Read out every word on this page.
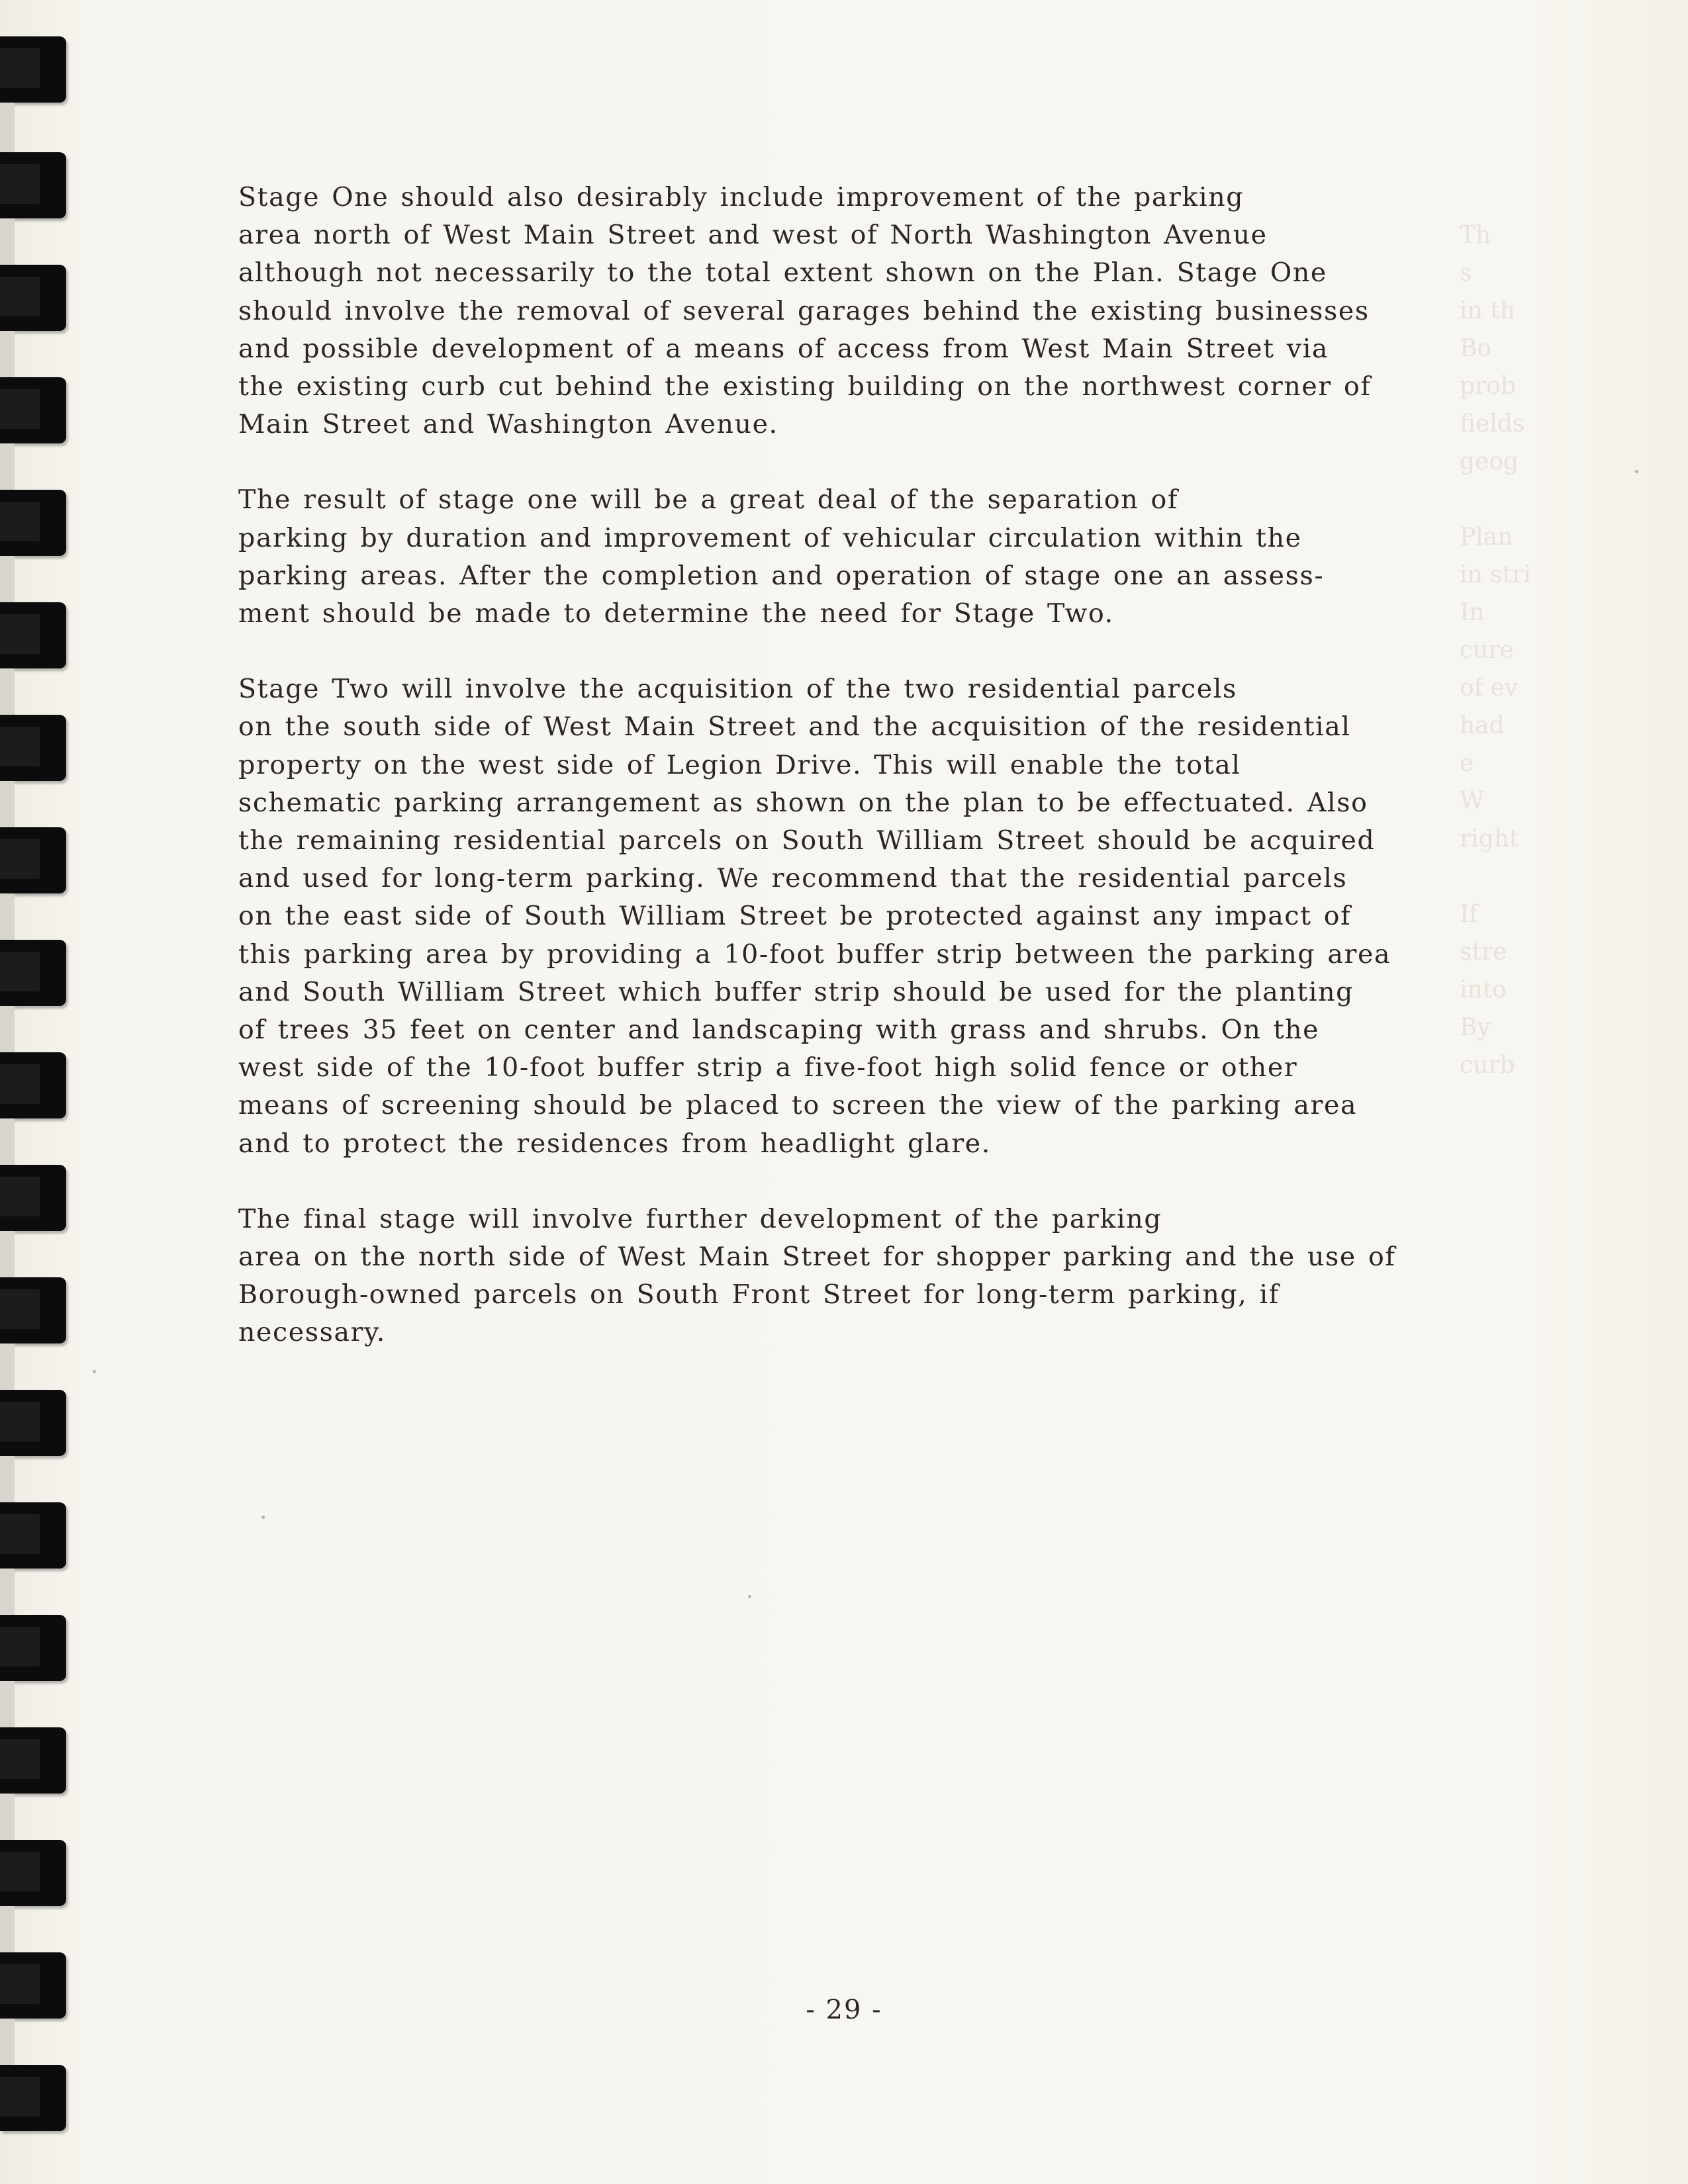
Th
s
in th
Bo
prob
fields
geog

Plan
in stri
In
cure
of ev
had
e
W
right

If
stre
into
By
curb

Stage One should also desirably include improvement of the parking
area north of West Main Street and west of North Washington Avenue
although not necessarily to the total extent shown on the Plan. Stage One
should involve the removal of several garages behind the existing businesses
and possible development of a means of access from West Main Street via
the existing curb cut behind the existing building on the northwest corner of
Main Street and Washington Avenue.

The result of stage one will be a great deal of the separation of
parking by duration and improvement of vehicular circulation within the
parking areas. After the completion and operation of stage one an assess-
ment should be made to determine the need for Stage Two.

Stage Two will involve the acquisition of the two residential parcels
on the south side of West Main Street and the acquisition of the residential
property on the west side of Legion Drive. This will enable the total
schematic parking arrangement as shown on the plan to be effectuated. Also
the remaining residential parcels on South William Street should be acquired
and used for long-term parking. We recommend that the residential parcels
on the east side of South William Street be protected against any impact of
this parking area by providing a 10-foot buffer strip between the parking area
and South William Street which buffer strip should be used for the planting
of trees 35 feet on center and landscaping with grass and shrubs. On the
west side of the 10-foot buffer strip a five-foot high solid fence or other
means of screening should be placed to screen the view of the parking area
and to protect the residences from headlight glare.

The final stage will involve further development of the parking
area on the north side of West Main Street for shopper parking and the use of
Borough-owned parcels on South Front Street for long-term parking, if
necessary.

- 29 -
